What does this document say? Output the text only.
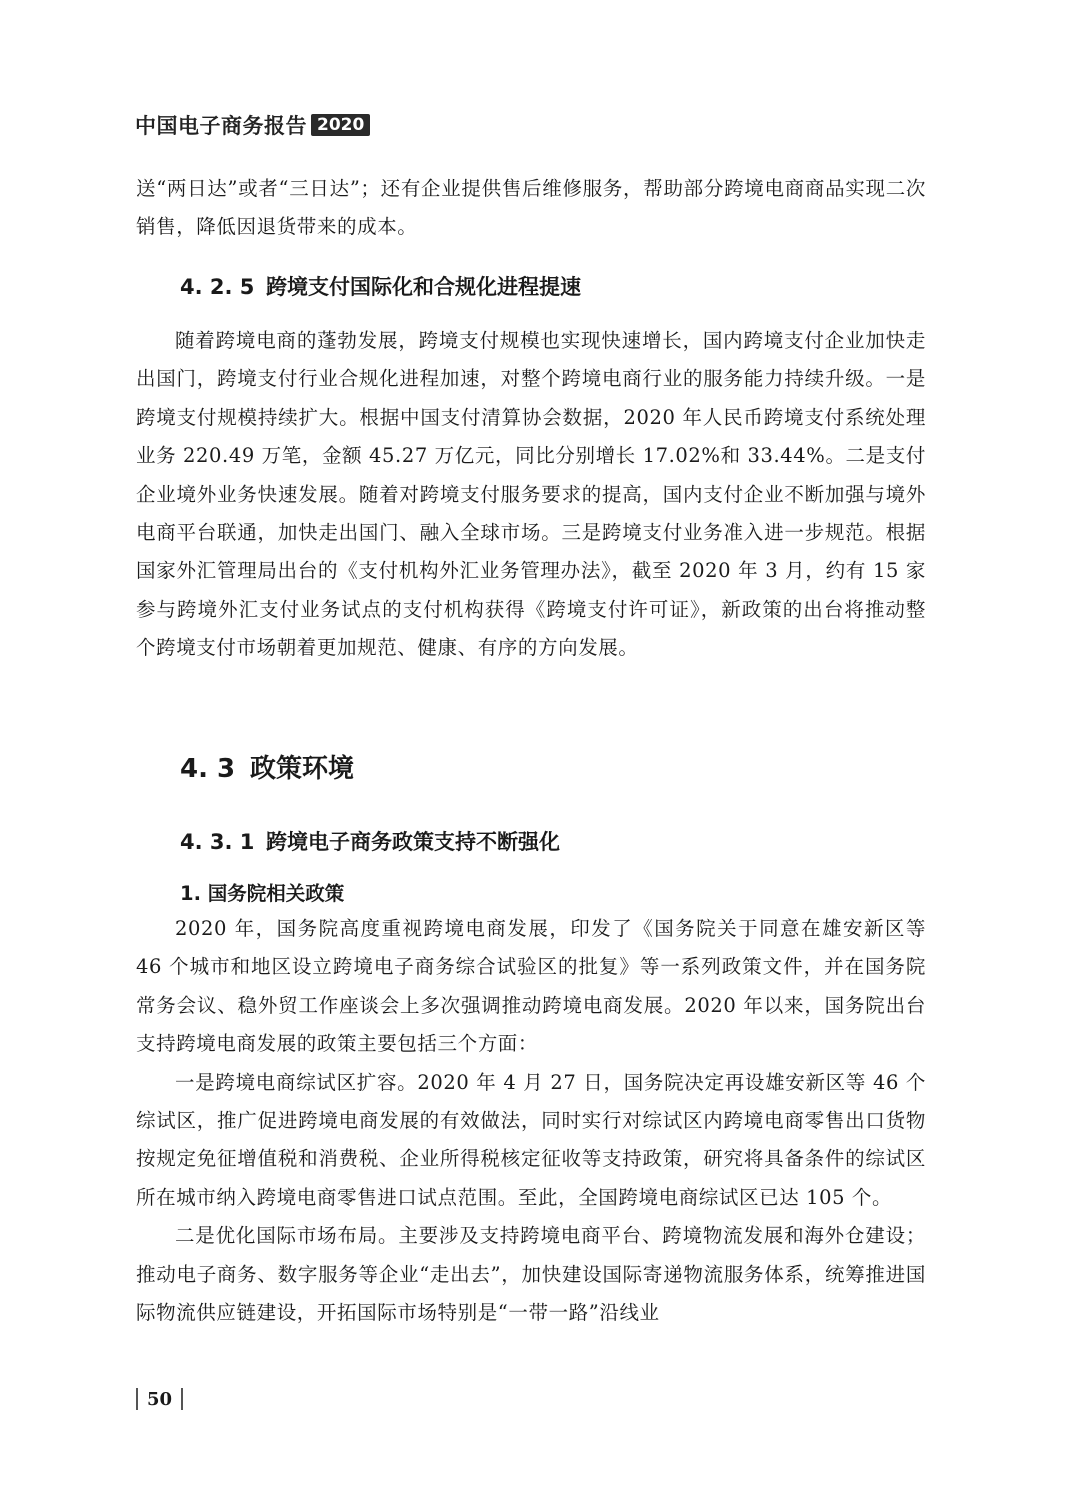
中国电子商务报告 2020

送“两日达”或者“三日达”；还有企业提供售后维修服务，帮助部分跨境电商商品实现二次销售，降低因退货带来的成本。

4. 2. 5 跨境支付国际化和合规化进程提速

随着跨境电商的蓬勃发展，跨境支付规模也实现快速增长，国内跨境支付企业加快走出国门，跨境支付行业合规化进程加速，对整个跨境电商行业的服务能力持续升级。一是跨境支付规模持续扩大。根据中国支付清算协会数据，2020 年人民币跨境支付系统处理业务 220.49 万笔，金额 45.27 万亿元，同比分别增长 17.02%和 33.44%。二是支付企业境外业务快速发展。随着对跨境支付服务要求的提高，国内支付企业不断加强与境外电商平台联通，加快走出国门、融入全球市场。三是跨境支付业务准入进一步规范。根据国家外汇管理局出台的《支付机构外汇业务管理办法》，截至 2020 年 3 月，约有 15 家参与跨境外汇支付业务试点的支付机构获得《跨境支付许可证》，新政策的出台将推动整个跨境支付市场朝着更加规范、健康、有序的方向发展。

4. 3 政策环境
4. 3. 1 跨境电子商务政策支持不断强化
1. 国务院相关政策

2020 年，国务院高度重视跨境电商发展，印发了《国务院关于同意在雄安新区等 46 个城市和地区设立跨境电子商务综合试验区的批复》等一系列政策文件，并在国务院常务会议、稳外贸工作座谈会上多次强调推动跨境电商发展。2020 年以来，国务院出台支持跨境电商发展的政策主要包括三个方面：

一是跨境电商综试区扩容。2020 年 4 月 27 日，国务院决定再设雄安新区等 46 个综试区，推广促进跨境电商发展的有效做法，同时实行对综试区内跨境电商零售出口货物按规定免征增值税和消费税、企业所得税核定征收等支持政策，研究将具备条件的综试区所在城市纳入跨境电商零售进口试点范围。至此，全国跨境电商综试区已达 105 个。

二是优化国际市场布局。主要涉及支持跨境电商平台、跨境物流发展和海外仓建设；推动电子商务、数字服务等企业“走出去”，加快建设国际寄递物流服务体系，统筹推进国际物流供应链建设，开拓国际市场特别是“一带一路”沿线业

50
